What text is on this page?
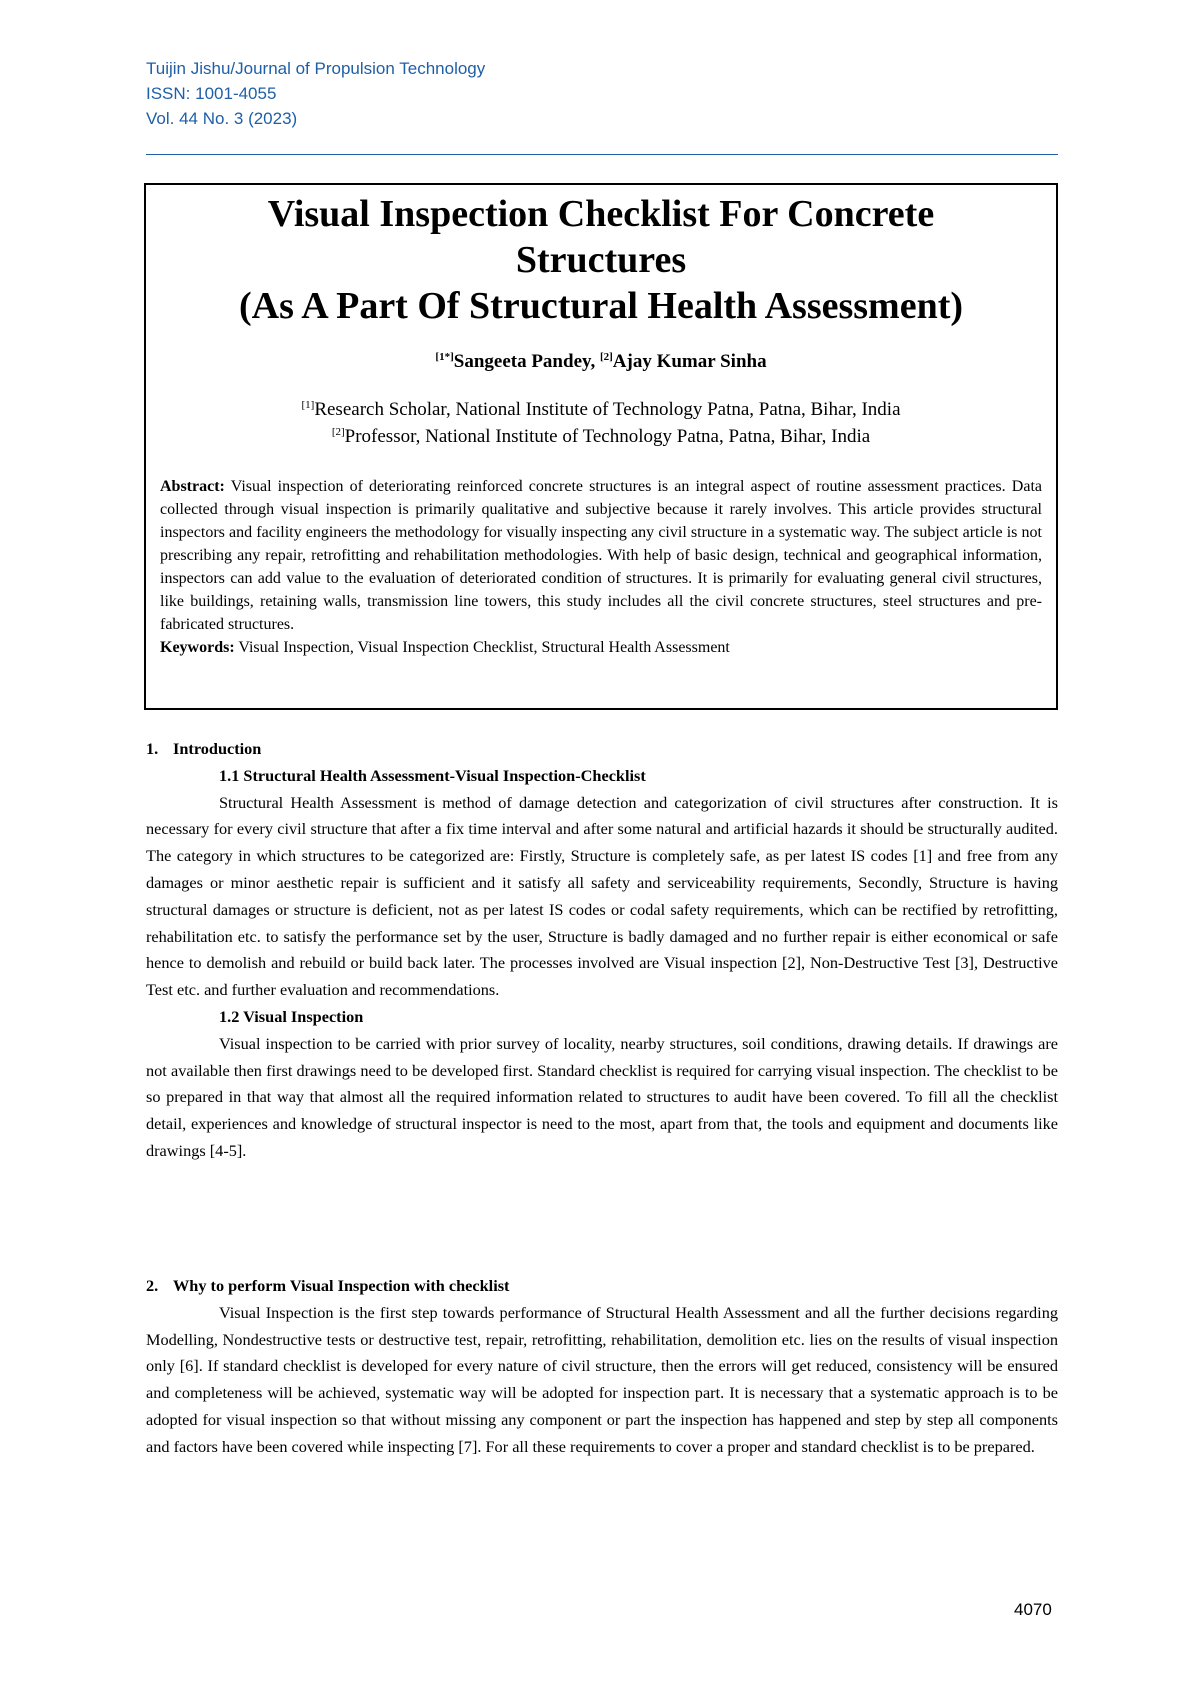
Tuijin Jishu/Journal of Propulsion Technology
ISSN: 1001-4055
Vol. 44 No. 3 (2023)
Visual Inspection Checklist For Concrete
Structures
(As A Part Of Structural Health Assessment)
[1*]Sangeeta Pandey, [2]Ajay Kumar Sinha
[1]Research Scholar, National Institute of Technology Patna, Patna, Bihar, India
[2]Professor, National Institute of Technology Patna, Patna, Bihar, India

Abstract: Visual inspection of deteriorating reinforced concrete structures is an integral aspect of routine assessment practices. Data collected through visual inspection is primarily qualitative and subjective because it rarely involves. This article provides structural inspectors and facility engineers the methodology for visually inspecting any civil structure in a systematic way. The subject article is not prescribing any repair, retrofitting and rehabilitation methodologies. With help of basic design, technical and geographical information, inspectors can add value to the evaluation of deteriorated condition of structures. It is primarily for evaluating general civil structures, like buildings, retaining walls, transmission line towers, this study includes all the civil concrete structures, steel structures and pre-fabricated structures.

Keywords: Visual Inspection, Visual Inspection Checklist, Structural Health Assessment

1. Introduction

1.1 Structural Health Assessment-Visual Inspection-Checklist

Structural Health Assessment is method of damage detection and categorization of civil structures after construction. It is necessary for every civil structure that after a fix time interval and after some natural and artificial hazards it should be structurally audited. The category in which structures to be categorized are: Firstly, Structure is completely safe, as per latest IS codes [1] and free from any damages or minor aesthetic repair is sufficient and it satisfy all safety and serviceability requirements, Secondly, Structure is having structural damages or structure is deficient, not as per latest IS codes or codal safety requirements, which can be rectified by retrofitting, rehabilitation etc. to satisfy the performance set by the user, Structure is badly damaged and no further repair is either economical or safe hence to demolish and rebuild or build back later. The processes involved are Visual inspection [2], Non-Destructive Test [3], Destructive Test etc. and further evaluation and recommendations.

1.2 Visual Inspection

Visual inspection to be carried with prior survey of locality, nearby structures, soil conditions, drawing details. If drawings are not available then first drawings need to be developed first. Standard checklist is required for carrying visual inspection. The checklist to be so prepared in that way that almost all the required information related to structures to audit have been covered. To fill all the checklist detail, experiences and knowledge of structural inspector is need to the most, apart from that, the tools and equipment and documents like drawings [4-5].

2. Why to perform Visual Inspection with checklist

Visual Inspection is the first step towards performance of Structural Health Assessment and all the further decisions regarding Modelling, Nondestructive tests or destructive test, repair, retrofitting, rehabilitation, demolition etc. lies on the results of visual inspection only [6]. If standard checklist is developed for every nature of civil structure, then the errors will get reduced, consistency will be ensured and completeness will be achieved, systematic way will be adopted for inspection part. It is necessary that a systematic approach is to be adopted for visual inspection so that without missing any component or part the inspection has happened and step by step all components and factors have been covered while inspecting [7]. For all these requirements to cover a proper and standard checklist is to be prepared.

4070
